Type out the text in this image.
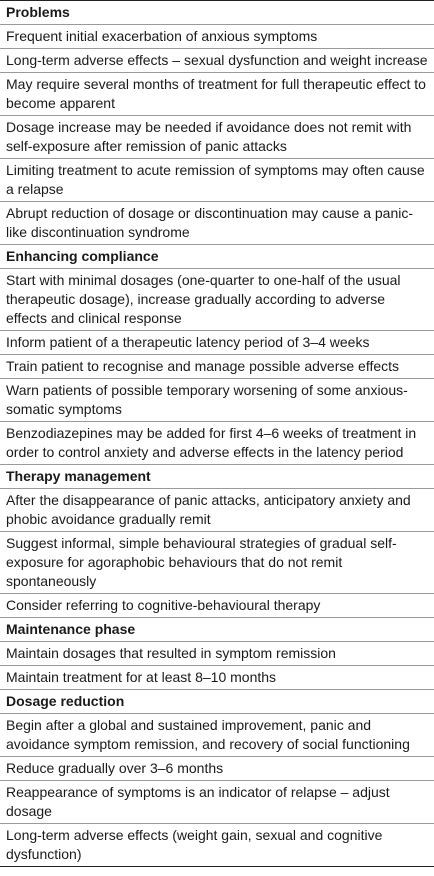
Problems
Frequent initial exacerbation of anxious symptoms
Long-term adverse effects – sexual dysfunction and weight increase
May require several months of treatment for full therapeutic effect to become apparent
Dosage increase may be needed if avoidance does not remit with self-exposure after remission of panic attacks
Limiting treatment to acute remission of symptoms may often cause a relapse
Abrupt reduction of dosage or discontinuation may cause a panic-like discontinuation syndrome
Enhancing compliance
Start with minimal dosages (one-quarter to one-half of the usual therapeutic dosage), increase gradually according to adverse effects and clinical response
Inform patient of a therapeutic latency period of 3–4 weeks
Train patient to recognise and manage possible adverse effects
Warn patients of possible temporary worsening of some anxious-somatic symptoms
Benzodiazepines may be added for first 4–6 weeks of treatment in order to control anxiety and adverse effects in the latency period
Therapy management
After the disappearance of panic attacks, anticipatory anxiety and phobic avoidance gradually remit
Suggest informal, simple behavioural strategies of gradual self-exposure for agoraphobic behaviours that do not remit spontaneously
Consider referring to cognitive-behavioural therapy
Maintenance phase
Maintain dosages that resulted in symptom remission
Maintain treatment for at least 8–10 months
Dosage reduction
Begin after a global and sustained improvement, panic and avoidance symptom remission, and recovery of social functioning
Reduce gradually over 3–6 months
Reappearance of symptoms is an indicator of relapse – adjust dosage
Long-term adverse effects (weight gain, sexual and cognitive dysfunction)
